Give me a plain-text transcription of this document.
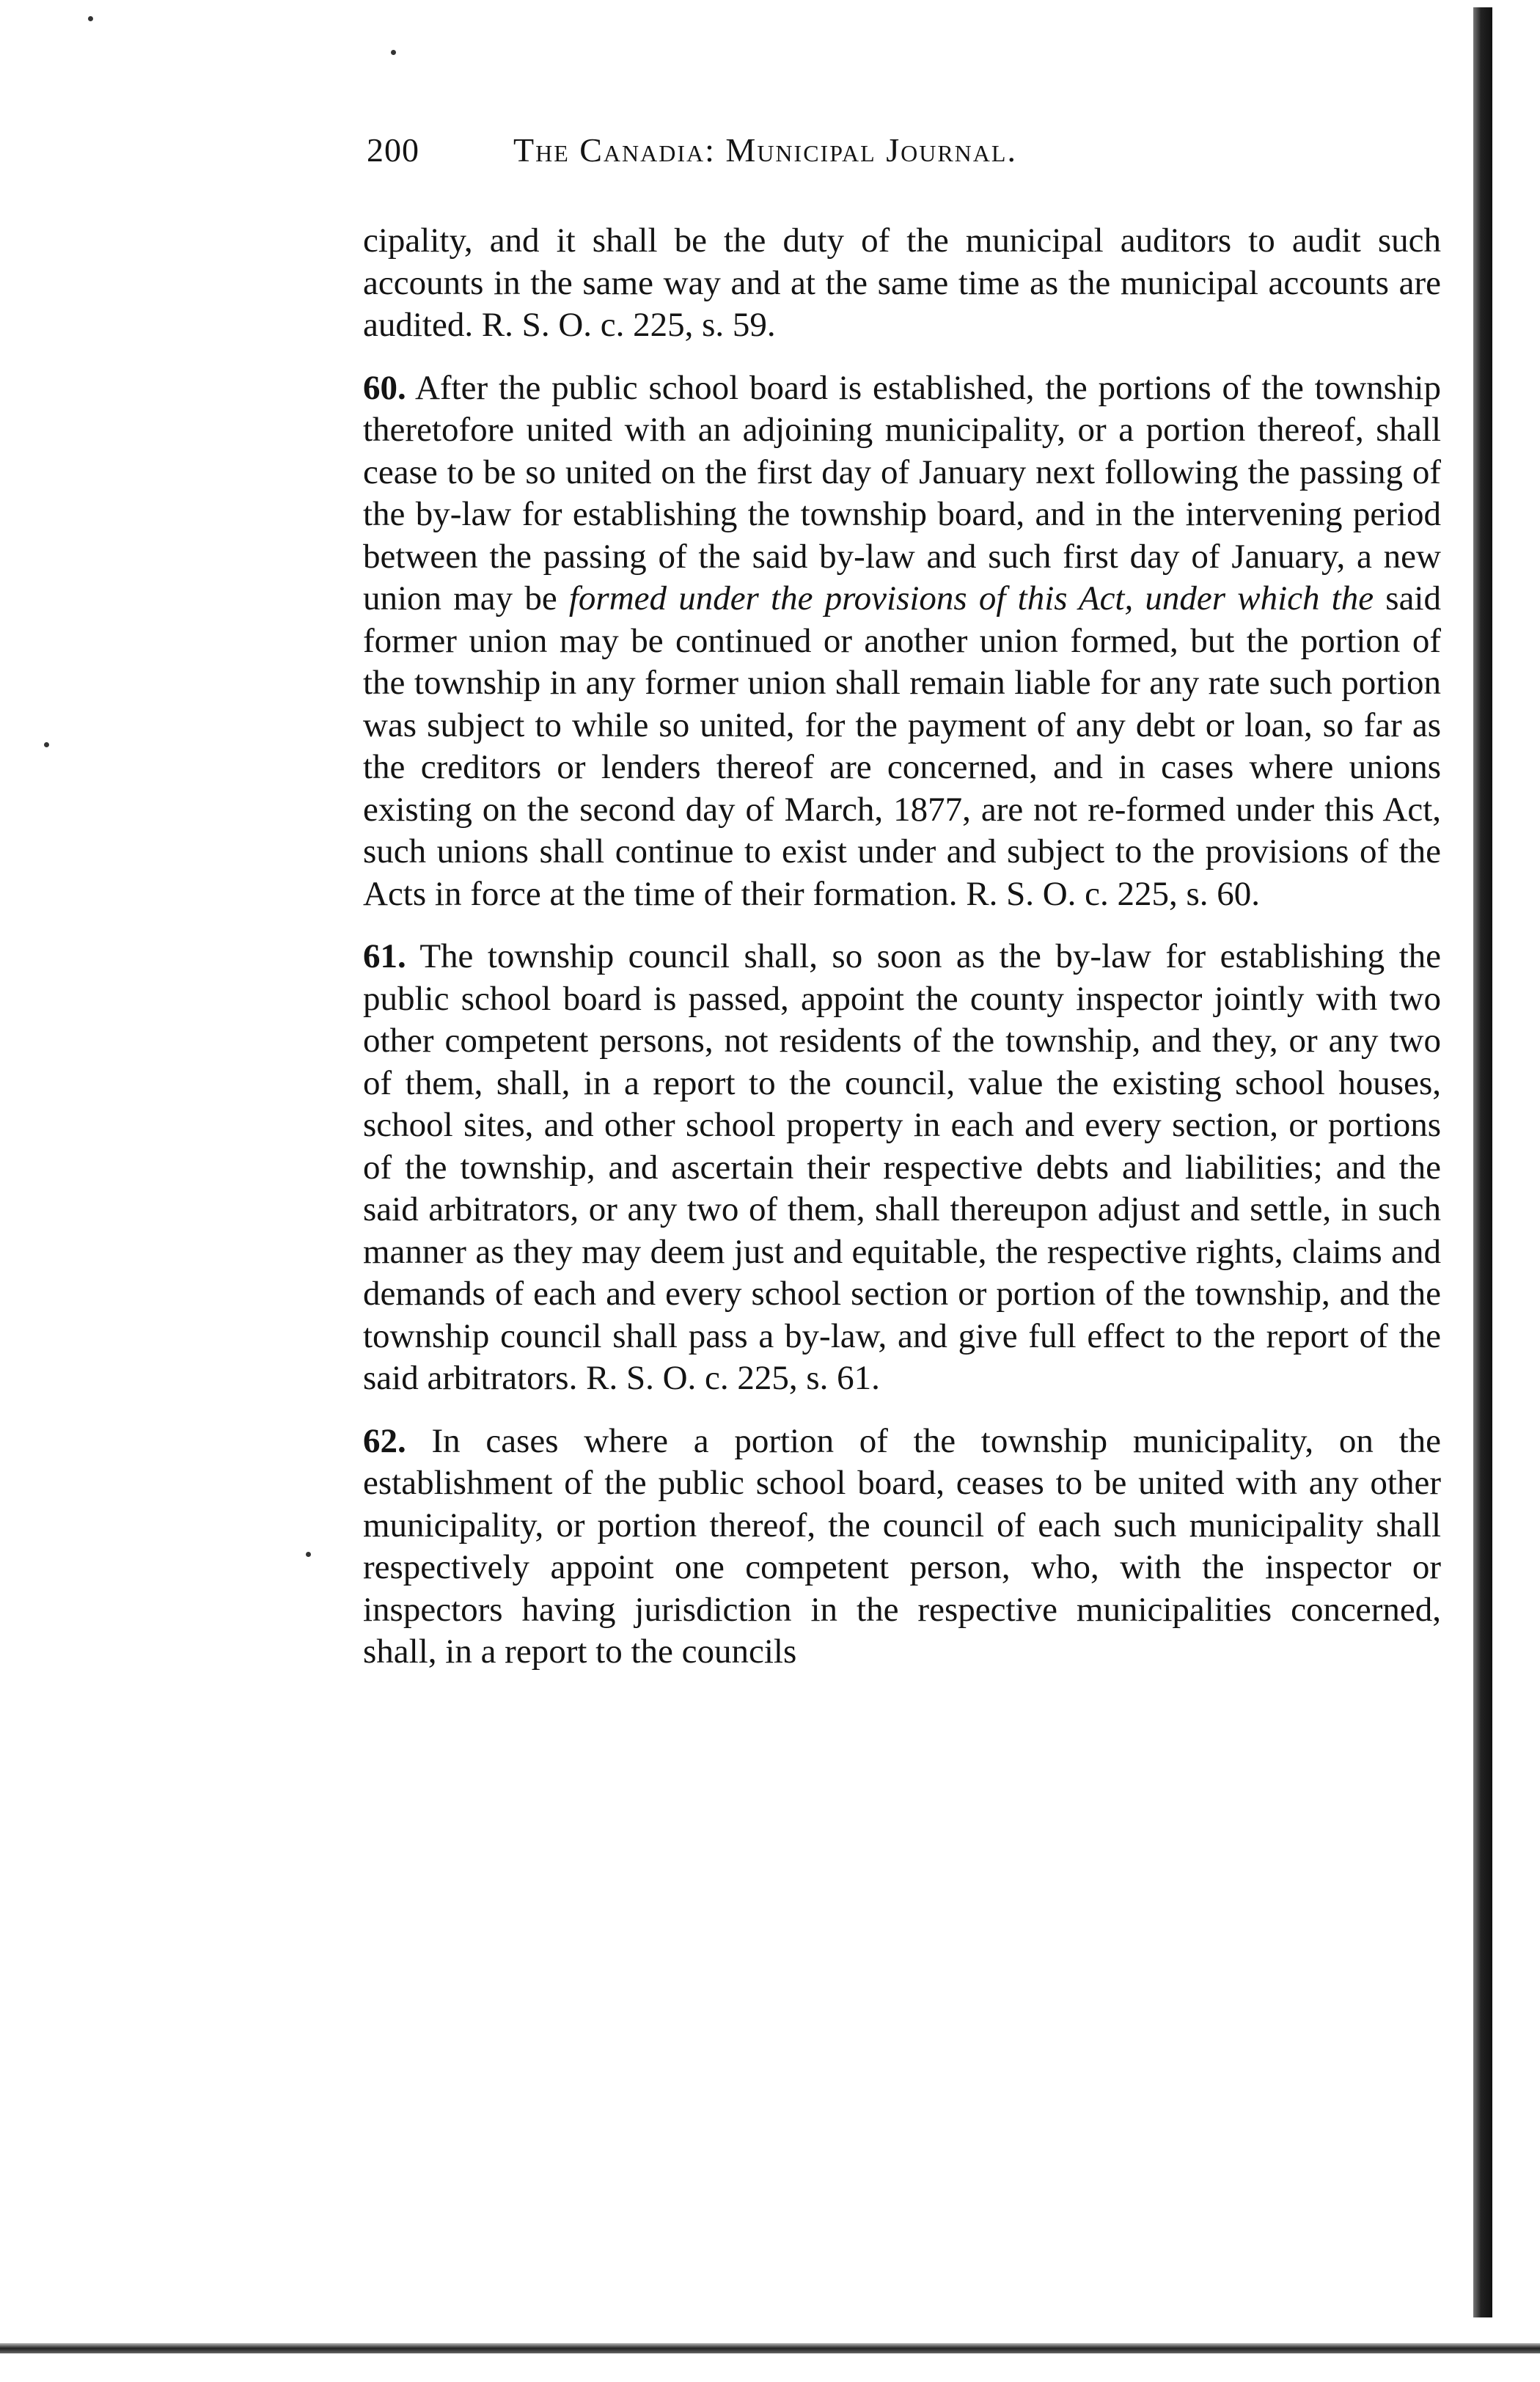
200	The Canadia: Municipal Journal.

cipality, and it shall be the duty of the municipal auditors to audit such accounts in the same way and at the same time as the municipal accounts are audited. R. S. O. c. 225, s. 59.

60. After the public school board is established, the portions of the township theretofore united with an adjoining municipality, or a portion thereof, shall cease to be so united on the first day of January next following the passing of the by-law for establishing the township board, and in the intervening period between the passing of the said by-law and such first day of January, a new union may be formed under the provisions of this Act, under which the said former union may be continued or another union formed, but the portion of the township in any former union shall remain liable for any rate such portion was subject to while so united, for the payment of any debt or loan, so far as the creditors or lenders thereof are concerned, and in cases where unions existing on the second day of March, 1877, are not re-formed under this Act, such unions shall continue to exist under and subject to the provisions of the Acts in force at the time of their formation. R. S. O. c. 225, s. 60.

61. The township council shall, so soon as the by-law for establishing the public school board is passed, appoint the county inspector jointly with two other competent persons, not residents of the township, and they, or any two of them, shall, in a report to the council, value the existing school houses, school sites, and other school property in each and every section, or portions of the township, and ascertain their respective debts and liabilities; and the said arbitrators, or any two of them, shall thereupon adjust and settle, in such manner as they may deem just and equitable, the respective rights, claims and demands of each and every school section or portion of the township, and the township council shall pass a by-law, and give full effect to the report of the said arbitrators. R. S. O. c. 225, s. 61.

62. In cases where a portion of the township municipality, on the establishment of the public school board, ceases to be united with any other municipality, or portion thereof, the council of each such municipality shall respectively appoint one competent person, who, with the inspector or inspectors having jurisdiction in the respective municipalities concerned, shall, in a report to the councils
